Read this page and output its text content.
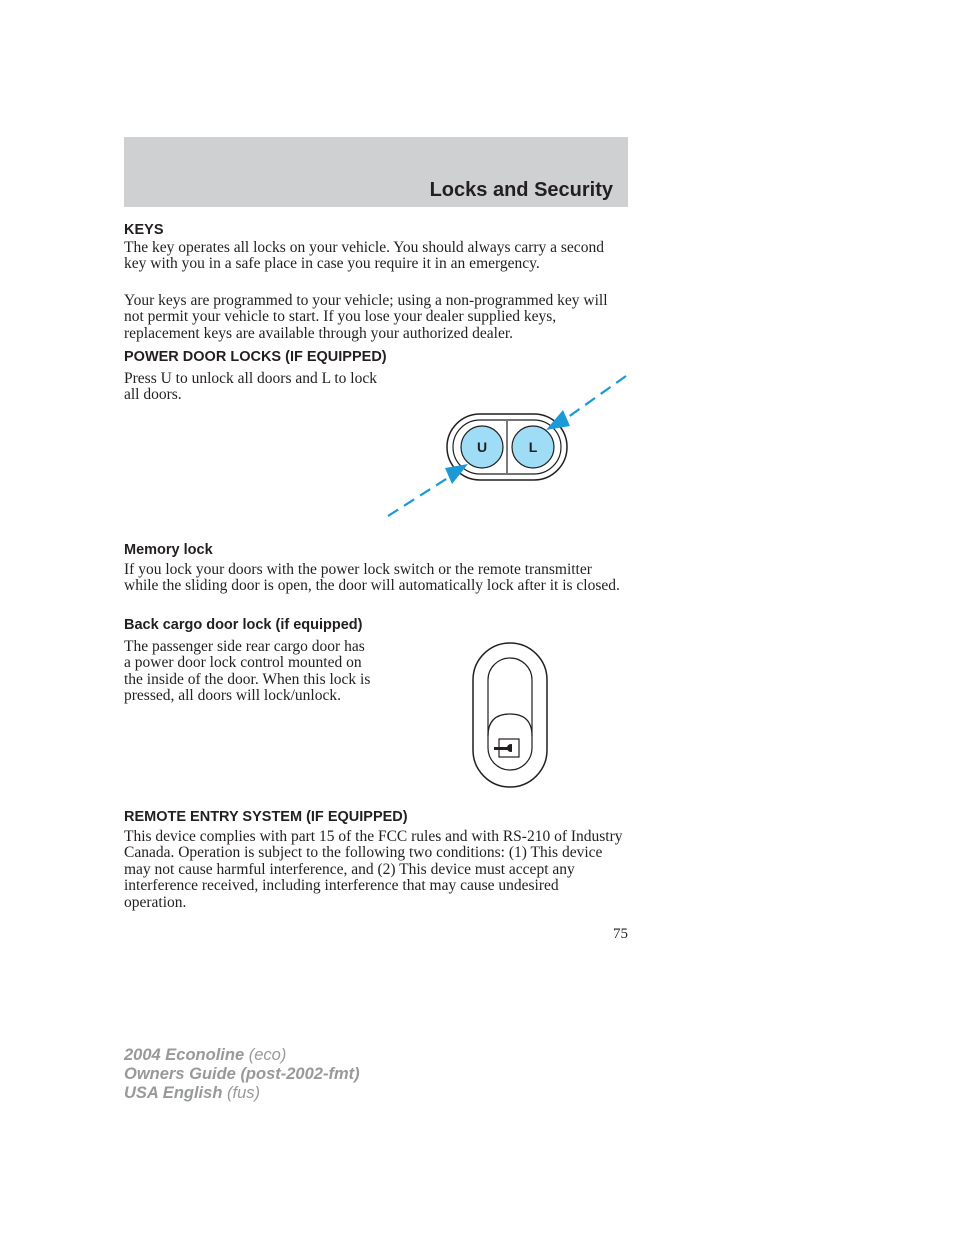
Locks and Security
KEYS

The key operates all locks on your vehicle. You should always carry a second key with you in a safe place in case you require it in an emergency.

Your keys are programmed to your vehicle; using a non-programmed key will not permit your vehicle to start. If you lose your dealer supplied keys, replacement keys are available through your authorized dealer.

POWER DOOR LOCKS (IF EQUIPPED)

Press U to unlock all doors and L to lock all doors.

U	L
Memory lock

If you lock your doors with the power lock switch or the remote transmitter while the sliding door is open, the door will automatically lock after it is closed.

Back cargo door lock (if equipped)

The passenger side rear cargo door has a power door lock control mounted on the inside of the door. When this lock is pressed, all doors will lock/unlock.

REMOTE ENTRY SYSTEM (IF EQUIPPED)

This device complies with part 15 of the FCC rules and with RS-210 of Industry Canada. Operation is subject to the following two conditions: (1) This device may not cause harmful interference, and (2) This device must accept any interference received, including interference that may cause undesired operation.

75
2004 Econoline (eco)
Owners Guide (post-2002-fmt)
USA English (fus)
